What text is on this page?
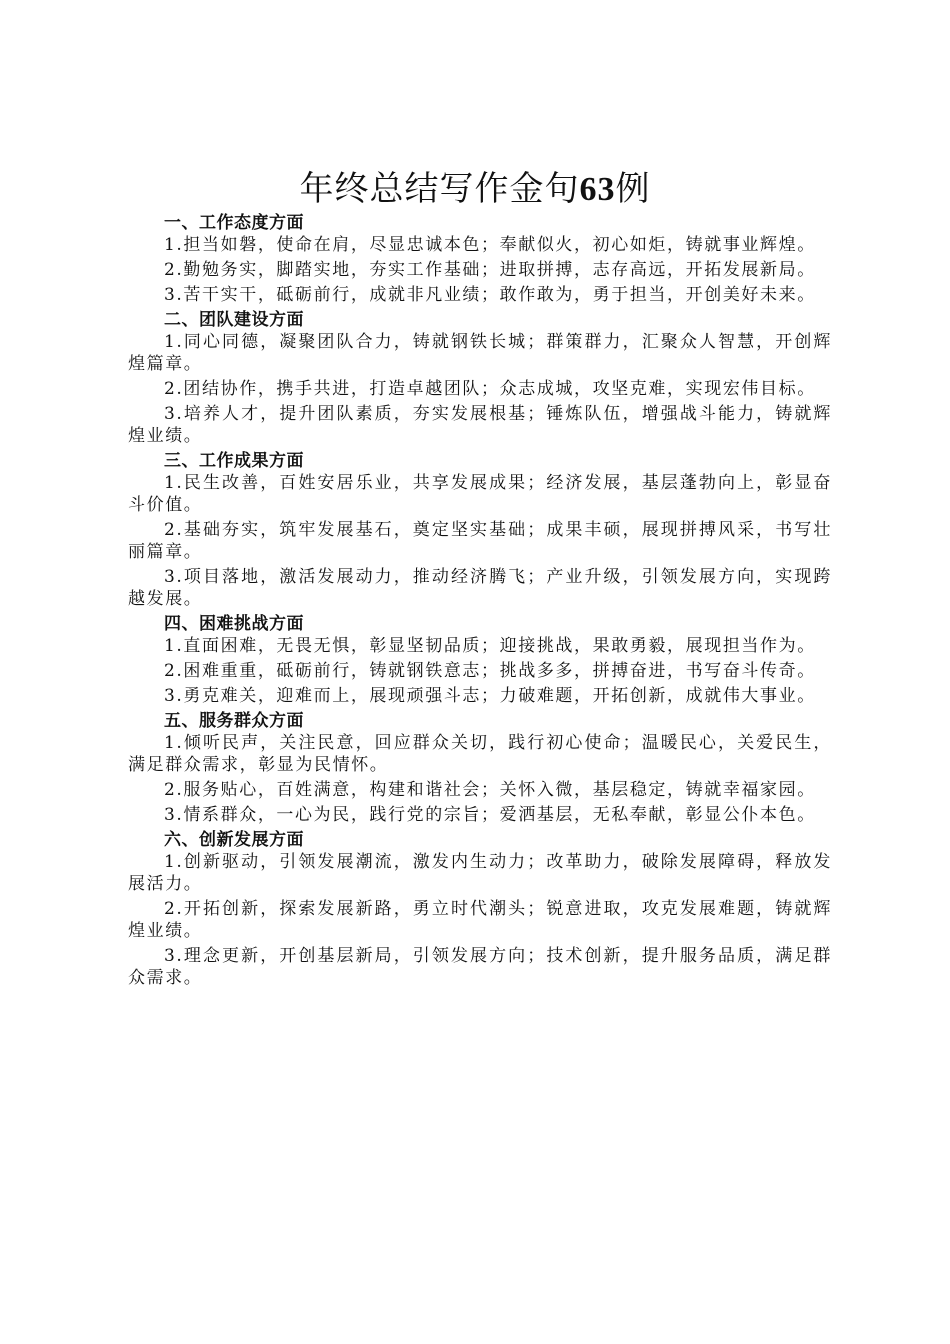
年终总结写作金句63例

一、工作态度方面

1.担当如磐，使命在肩，尽显忠诚本色；奉献似火，初心如炬，铸就事业辉煌。

2.勤勉务实，脚踏实地，夯实工作基础；进取拼搏，志存高远，开拓发展新局。

3.苦干实干，砥砺前行，成就非凡业绩；敢作敢为，勇于担当，开创美好未来。

二、团队建设方面

1.同心同德，凝聚团队合力，铸就钢铁长城；群策群力，汇聚众人智慧，开创辉煌篇章。

2.团结协作，携手共进，打造卓越团队；众志成城，攻坚克难，实现宏伟目标。

3.培养人才，提升团队素质，夯实发展根基；锤炼队伍，增强战斗能力，铸就辉煌业绩。

三、工作成果方面

1.民生改善，百姓安居乐业，共享发展成果；经济发展，基层蓬勃向上，彰显奋斗价值。

2.基础夯实，筑牢发展基石，奠定坚实基础；成果丰硕，展现拼搏风采，书写壮丽篇章。

3.项目落地，激活发展动力，推动经济腾飞；产业升级，引领发展方向，实现跨越发展。

四、困难挑战方面

1.直面困难，无畏无惧，彰显坚韧品质；迎接挑战，果敢勇毅，展现担当作为。

2.困难重重，砥砺前行，铸就钢铁意志；挑战多多，拼搏奋进，书写奋斗传奇。

3.勇克难关，迎难而上，展现顽强斗志；力破难题，开拓创新，成就伟大事业。

五、服务群众方面

1.倾听民声，关注民意，回应群众关切，践行初心使命；温暖民心，关爱民生，满足群众需求，彰显为民情怀。

2.服务贴心，百姓满意，构建和谐社会；关怀入微，基层稳定，铸就幸福家园。

3.情系群众，一心为民，践行党的宗旨；爱洒基层，无私奉献，彰显公仆本色。

六、创新发展方面

1.创新驱动，引领发展潮流，激发内生动力；改革助力，破除发展障碍，释放发展活力。

2.开拓创新，探索发展新路，勇立时代潮头；锐意进取，攻克发展难题，铸就辉煌业绩。

3.理念更新，开创基层新局，引领发展方向；技术创新，提升服务品质，满足群众需求。
